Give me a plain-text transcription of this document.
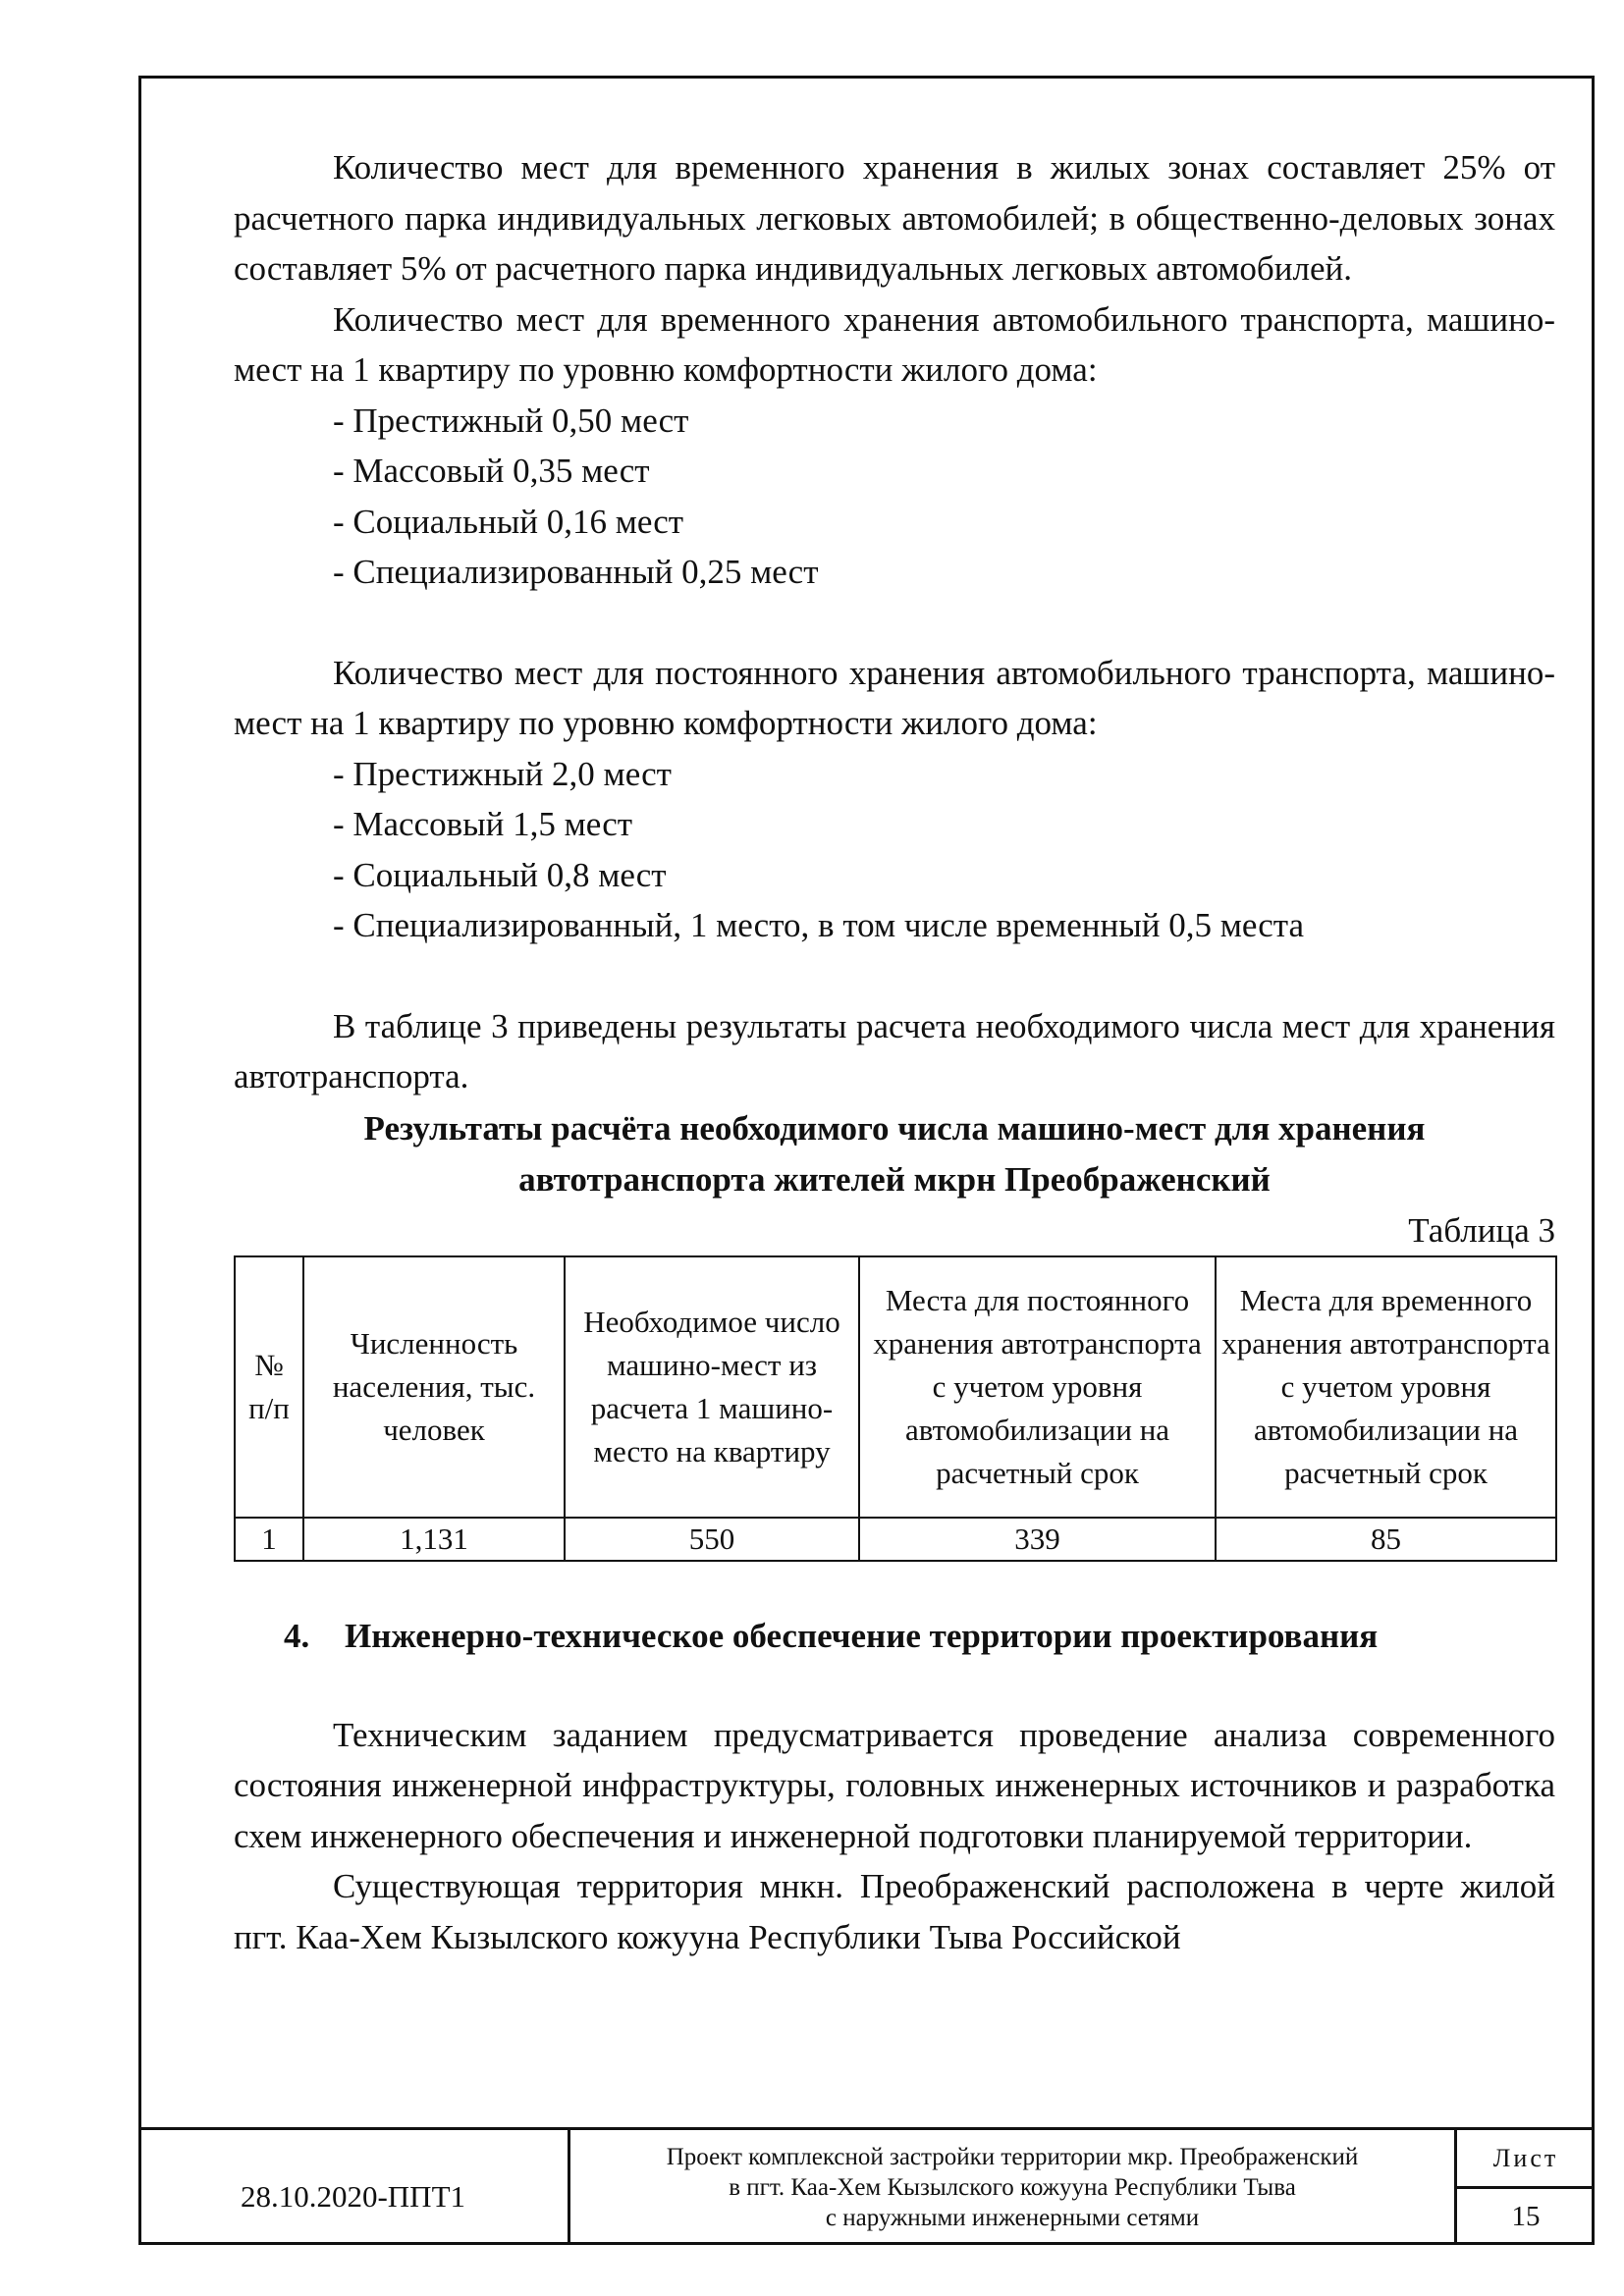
Количество мест для временного хранения в жилых зонах составляет 25% от расчетного парка индивидуальных легковых автомобилей; в общественно-деловых зонах составляет 5% от расчетного парка индивидуальных легковых автомобилей.

Количество мест для временного хранения автомобильного транспорта, машино-мест на 1 квартиру по уровню комфортности жилого дома:

- Престижный 0,50 мест

- Массовый 0,35 мест

- Социальный 0,16 мест

- Специализированный 0,25 мест

Количество мест для постоянного хранения автомобильного транспорта, машино-мест на 1 квартиру по уровню комфортности жилого дома:

- Престижный 2,0 мест

- Массовый 1,5 мест

- Социальный 0,8 мест

- Специализированный, 1 место, в том числе временный 0,5 места

В таблице 3 приведены результаты расчета необходимого числа мест для хранения автотранспорта.

Результаты расчёта необходимого числа машино-мест для хранения
автотранспорта жителей мкрн Преображенский

Таблица 3

№ п/п	Численность населения, тыс. человек	Необходимое число машино-мест из расчета 1 машино-место на квартиру	Места для постоянного хранения автотранспорта с учетом уровня автомобилизации на расчетный срок	Места для временного хранения автотранспорта с учетом уровня автомобилизации на расчетный срок
1	1,131	550	339	85

4. Инженерно-техническое обеспечение территории проектирования

Техническим заданием предусматривается проведение анализа современного состояния инженерной инфраструктуры, головных инженерных источников и разработка схем инженерного обеспечения и инженерной подготовки планируемой территории.

Существующая территория мнкн. Преображенский расположена в черте жилой пгт. Каа-Хем Кызылского кожууна Республики Тыва Российской

28.10.2020-ППТ1
Проект комплексной застройки территории мкр. Преображенский
в пгт. Каа-Хем Кызылского кожууна Республики Тыва
с наружными инженерными сетями
Лист
15
